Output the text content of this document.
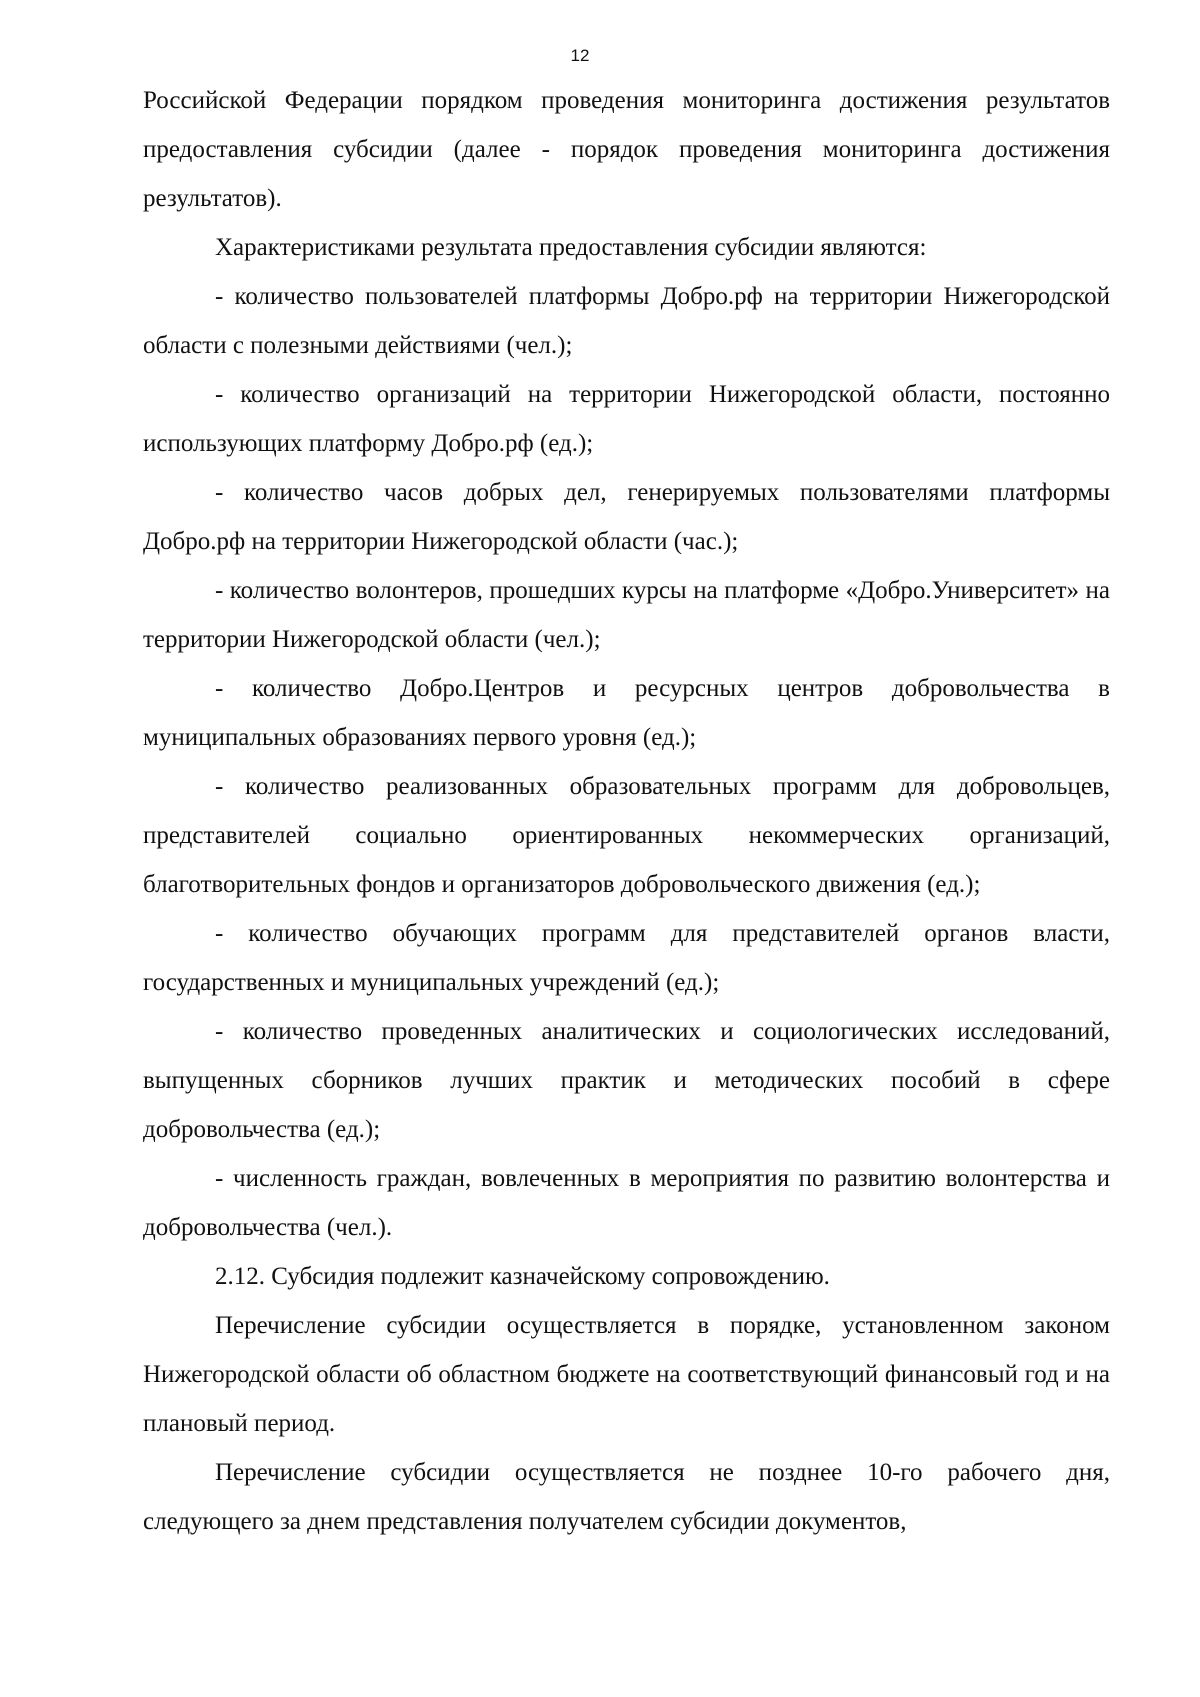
12

Российской Федерации порядком проведения мониторинга достижения результатов предоставления субсидии (далее - порядок проведения мониторинга достижения результатов).

Характеристиками результата предоставления субсидии являются:

- количество пользователей платформы Добро.рф на территории Нижегородской области с полезными действиями (чел.);

- количество организаций на территории Нижегородской области, постоянно использующих платформу Добро.рф (ед.);

- количество часов добрых дел, генерируемых пользователями платформы Добро.рф на территории Нижегородской области (час.);

- количество волонтеров, прошедших курсы на платформе «Добро.Университет» на территории Нижегородской области (чел.);

- количество Добро.Центров и ресурсных центров добровольчества в муниципальных образованиях первого уровня (ед.);

- количество реализованных образовательных программ для добровольцев, представителей социально ориентированных некоммерческих организаций, благотворительных фондов и организаторов добровольческого движения (ед.);

- количество обучающих программ для представителей органов власти, государственных и муниципальных учреждений (ед.);

- количество проведенных аналитических и социологических исследований, выпущенных сборников лучших практик и методических пособий в сфере добровольчества (ед.);

- численность граждан, вовлеченных в мероприятия по развитию волонтерства и добровольчества (чел.).

2.12. Субсидия подлежит казначейскому сопровождению.

Перечисление субсидии осуществляется в порядке, установленном законом Нижегородской области об областном бюджете на соответствующий финансовый год и на плановый период.

Перечисление субсидии осуществляется не позднее 10-го рабочего дня, следующего за днем представления получателем субсидии документов,
